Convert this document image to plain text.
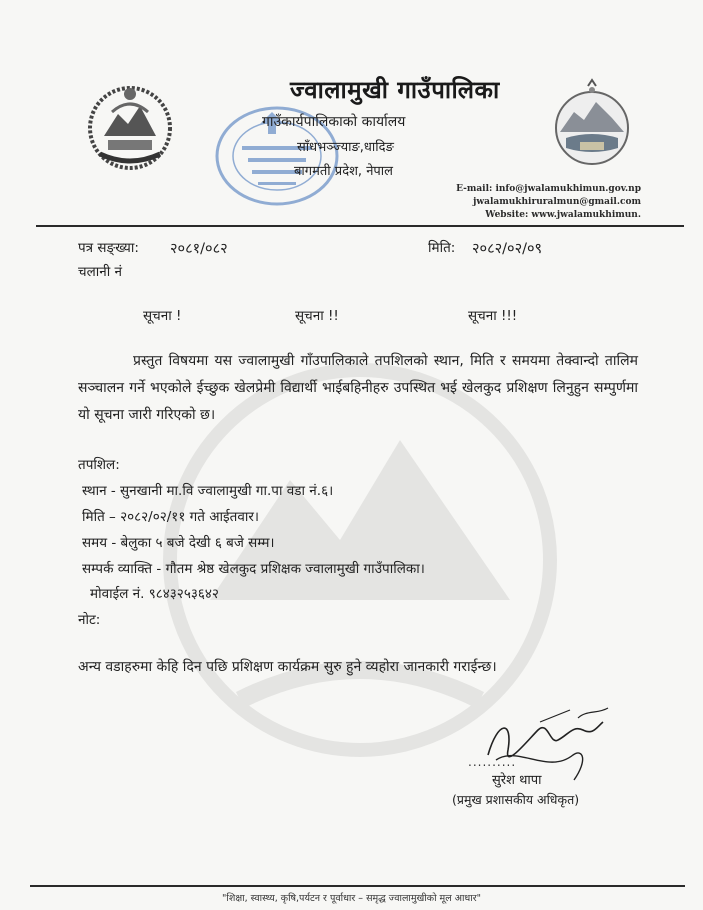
ज्वालामुखी गाउँपालिका
गाउँकार्यपालिकाको कार्यालय
साँधभञ्ज्याङ,धादिङ
बागमती प्रदेश, नेपाल
E-mail: info@jwalamukhimun.gov.np
jwalamukhiruralmun@gmail.com
Website: www.jwalamukhimun.
पत्र सङ्ख्या: २०८१/०८२
चलानी नं
मिति: २०८२/०२/०९
सूचना !	सूचना !!	सूचना !!!

प्रस्तुत विषयमा यस ज्वालामुखी गाँउपालिकाले तपशिलको स्थान, मिति र समयमा तेक्वान्दो तालिम सञ्चालन गर्ने भएकोले ईच्छुक खेलप्रेमी विद्यार्थी भाईबहिनीहरु उपस्थित भई खेलकुद प्रशिक्षण लिनुहुन सम्पुर्णमा यो सूचना जारी गरिएको छ।

तपशिल:
स्थान - सुनखानी मा.वि ज्वालामुखी गा.पा वडा नं.६।
मिति – २०८२/०२/११ गते आईतवार।
समय - बेलुका ५ बजे देखी ६ बजे सम्म।
सम्पर्क व्याक्ति - गौतम श्रेष्ठ खेलकुद प्रशिक्षक ज्वालामुखी गाउँपालिका।
मोवाईल नं. ९८४३२५३६४२
नोट:

अन्य वडाहरुमा केहि दिन पछि प्रशिक्षण कार्यक्रम सुरु हुने व्यहोरा जानकारी गराईन्छ।

..........
सुरेश थापा
(प्रमुख प्रशासकीय अधिकृत)
"शिक्षा, स्वास्थ्य, कृषि,पर्यटन र पूर्वाधार – समृद्ध ज्वालामुखीको मूल आधार"
